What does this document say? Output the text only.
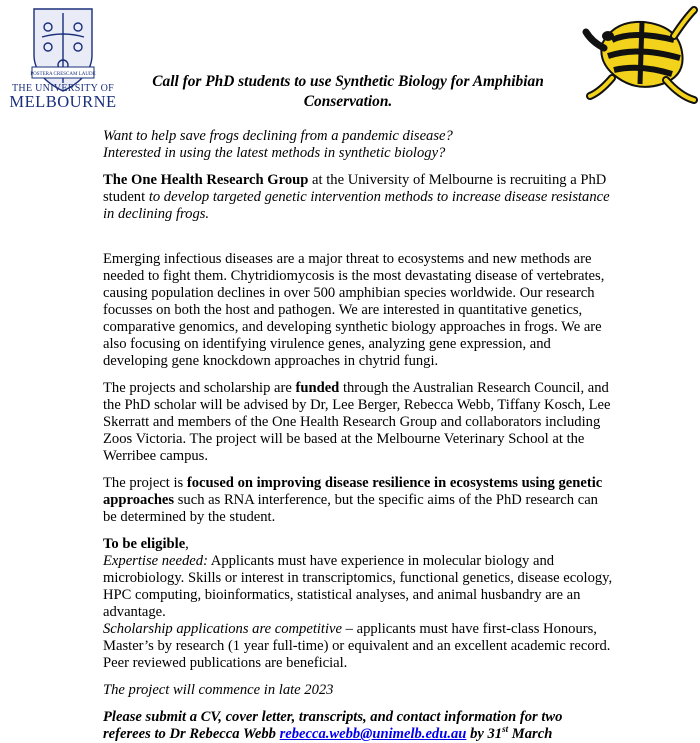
POSTERA CRESCAM LAUDE
THE UNIVERSITY OF
MELBOURNE
Call for PhD students to use Synthetic Biology for Amphibian Conservation.

Want to help save frogs declining from a pandemic disease?

Interested in using the latest methods in synthetic biology?

The One Health Research Group at the University of Melbourne is recruiting a PhD student to develop targeted genetic intervention methods to increase disease resistance in declining frogs.

Emerging infectious diseases are a major threat to ecosystems and new methods are needed to fight them. Chytridiomycosis is the most devastating disease of vertebrates, causing population declines in over 500 amphibian species worldwide. Our research focusses on both the host and pathogen. We are interested in quantitative genetics, comparative genomics, and developing synthetic biology approaches in frogs. We are also focusing on identifying virulence genes, analyzing gene expression, and developing gene knockdown approaches in chytrid fungi.

The projects and scholarship are funded through the Australian Research Council, and the PhD scholar will be advised by Dr, Lee Berger, Rebecca Webb, Tiffany Kosch, Lee Skerratt and members of the One Health Research Group and collaborators including Zoos Victoria. The project will be based at the Melbourne Veterinary School at the Werribee campus.

The project is focused on improving disease resilience in ecosystems using genetic approaches such as RNA interference, but the specific aims of the PhD research can be determined by the student.

To be eligible,

Expertise needed: Applicants must have experience in molecular biology and microbiology. Skills or interest in transcriptomics, functional genetics, disease ecology, HPC computing, bioinformatics, statistical analyses, and animal husbandry are an advantage.

Scholarship applications are competitive – applicants must have first-class Honours, Master’s by research (1 year full-time) or equivalent and an excellent academic record. Peer reviewed publications are beneficial.

The project will commence in late 2023

Please submit a CV, cover letter, transcripts, and contact information for two referees to Dr Rebecca Webb rebecca.webb@unimelb.edu.au by 31st March
